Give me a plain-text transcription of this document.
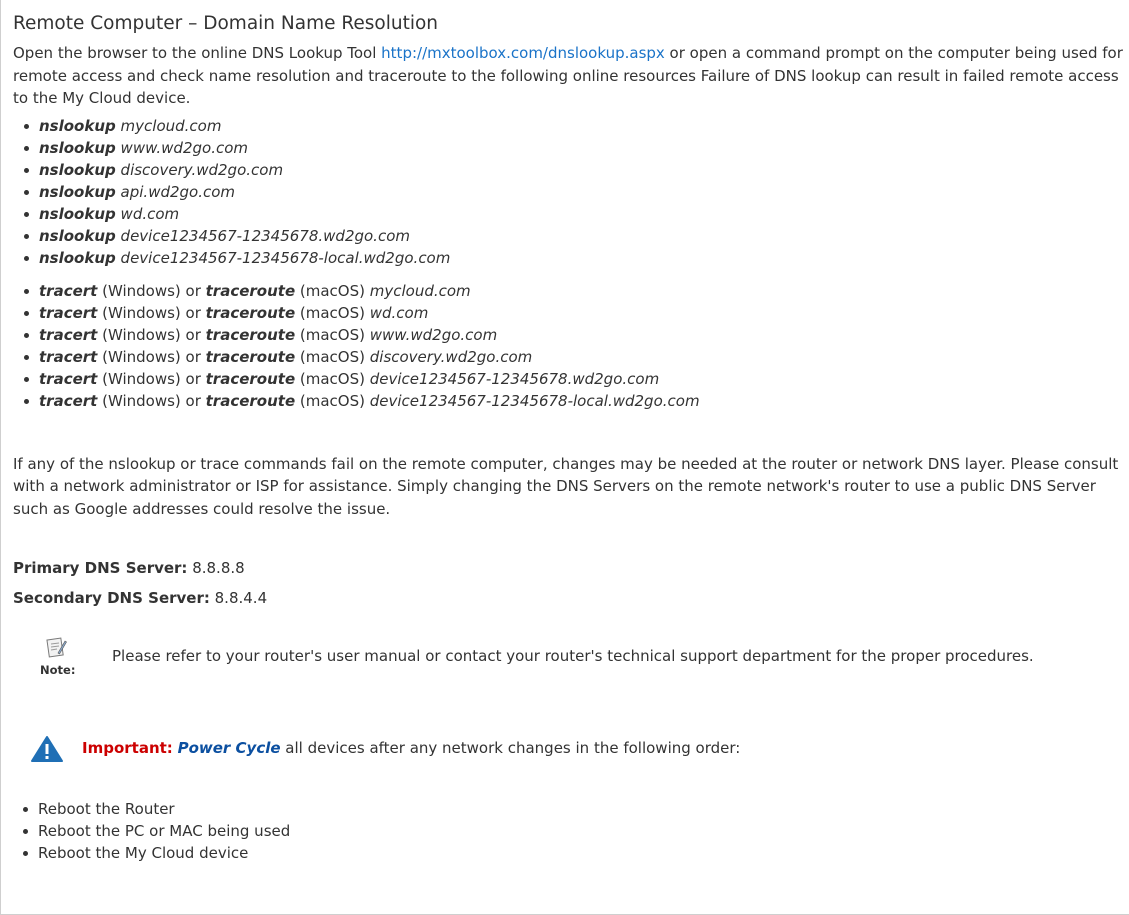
Remote Computer – Domain Name Resolution

Open the browser to the online DNS Lookup Tool http://mxtoolbox.com/dnslookup.aspx or open a command prompt on the computer being used for remote access and check name resolution and traceroute to the following online resources Failure of DNS lookup can result in failed remote access to the My Cloud device.

nslookup mycloud.com
nslookup www.wd2go.com
nslookup discovery.wd2go.com
nslookup api.wd2go.com
nslookup wd.com
nslookup device1234567-12345678.wd2go.com
nslookup device1234567-12345678-local.wd2go.com
tracert (Windows) or traceroute (macOS) mycloud.com
tracert (Windows) or traceroute (macOS) wd.com
tracert (Windows) or traceroute (macOS) www.wd2go.com
tracert (Windows) or traceroute (macOS) discovery.wd2go.com
tracert (Windows) or traceroute (macOS) device1234567-12345678.wd2go.com
tracert (Windows) or traceroute (macOS) device1234567-12345678-local.wd2go.com

If any of the nslookup or trace commands fail on the remote computer, changes may be needed at the router or network DNS layer. Please consult with a network administrator or ISP for assistance. Simply changing the DNS Servers on the remote network's router to use a public DNS Server such as Google addresses could resolve the issue.

Primary DNS Server: 8.8.8.8

Secondary DNS Server: 8.8.4.4

Note:
Please refer to your router's user manual or contact your router's technical support department for the proper procedures.
Important: Power Cycle all devices after any network changes in the following order:
Reboot the Router
Reboot the PC or MAC being used
Reboot the My Cloud device
